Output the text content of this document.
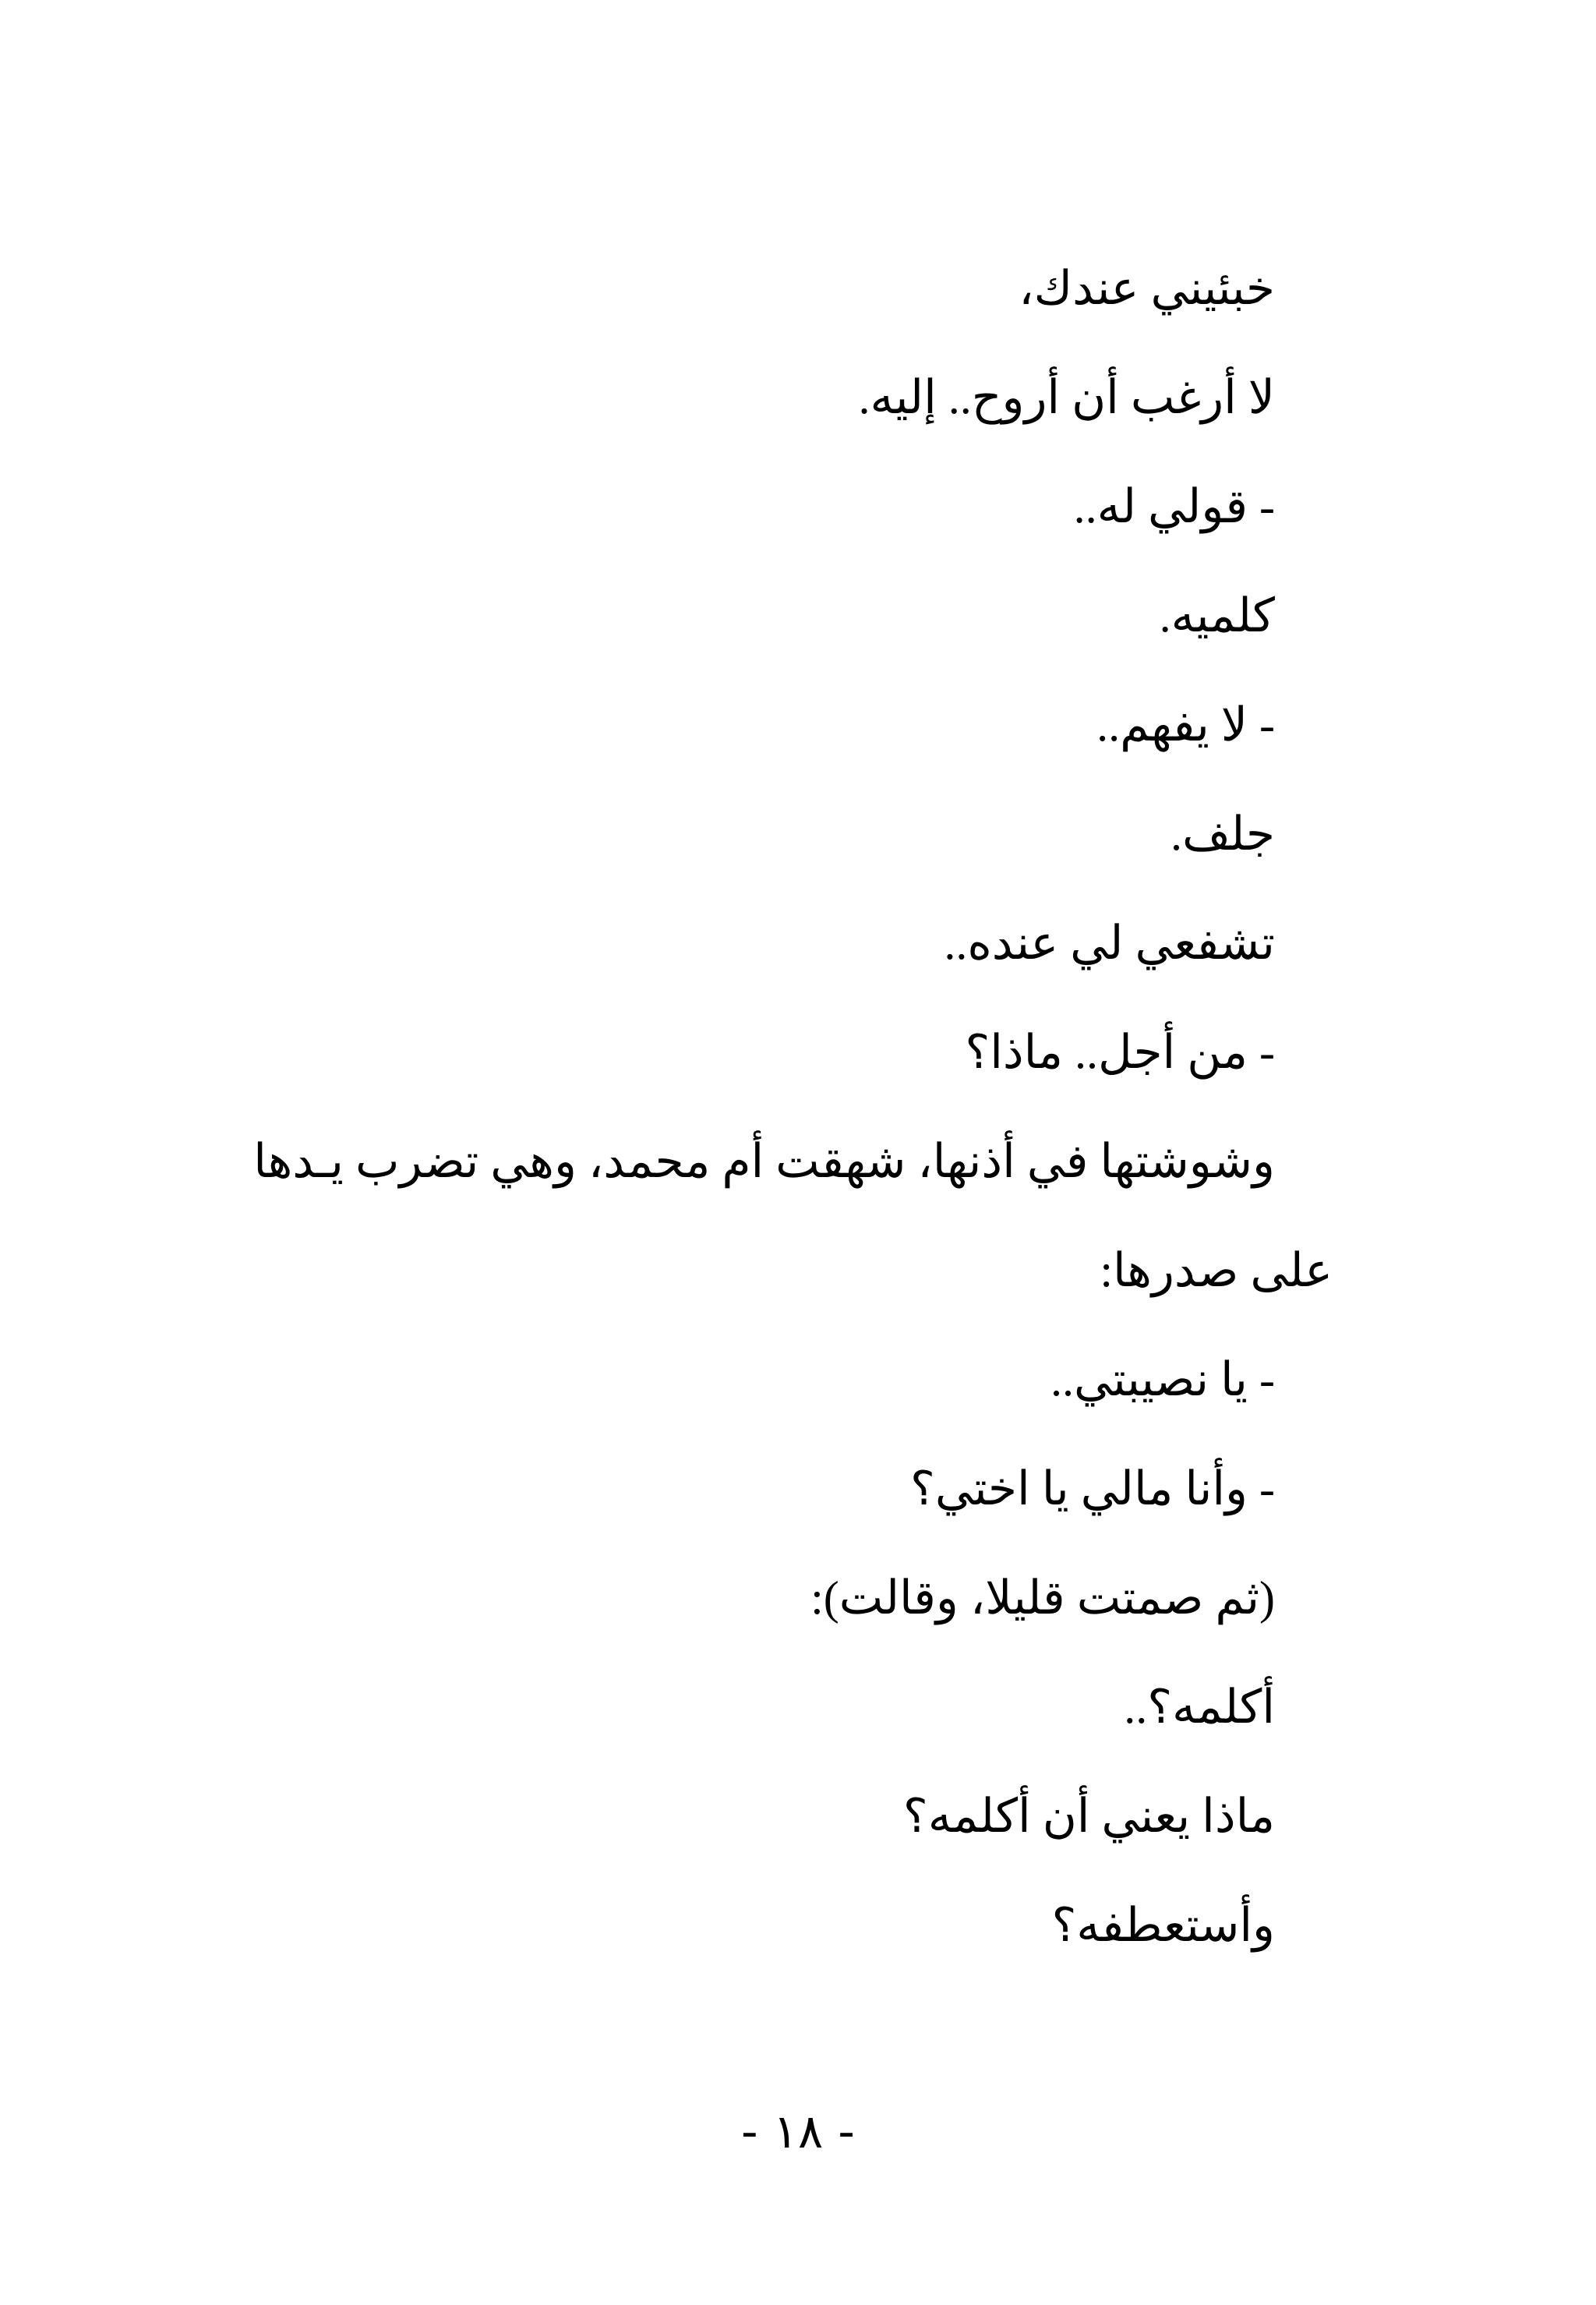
خبئيني عندك،
لا أرغب أن أروح.. إليه.
- قولي له..
كلميه.
- لا يفهم..
جلف.
تشفعي لي عنده..
- من أجل.. ماذا؟
وشوشتها في أذنها، شهقت أم محمد، وهي تضرب يـدها
على صدرها:
- يا نصيبتي..
- وأنا مالي يا اختي؟
(ثم صمتت قليلا، وقالت):
أكلمه؟..
ماذا يعني أن أكلمه؟
وأستعطفه؟
- ١٨ -
